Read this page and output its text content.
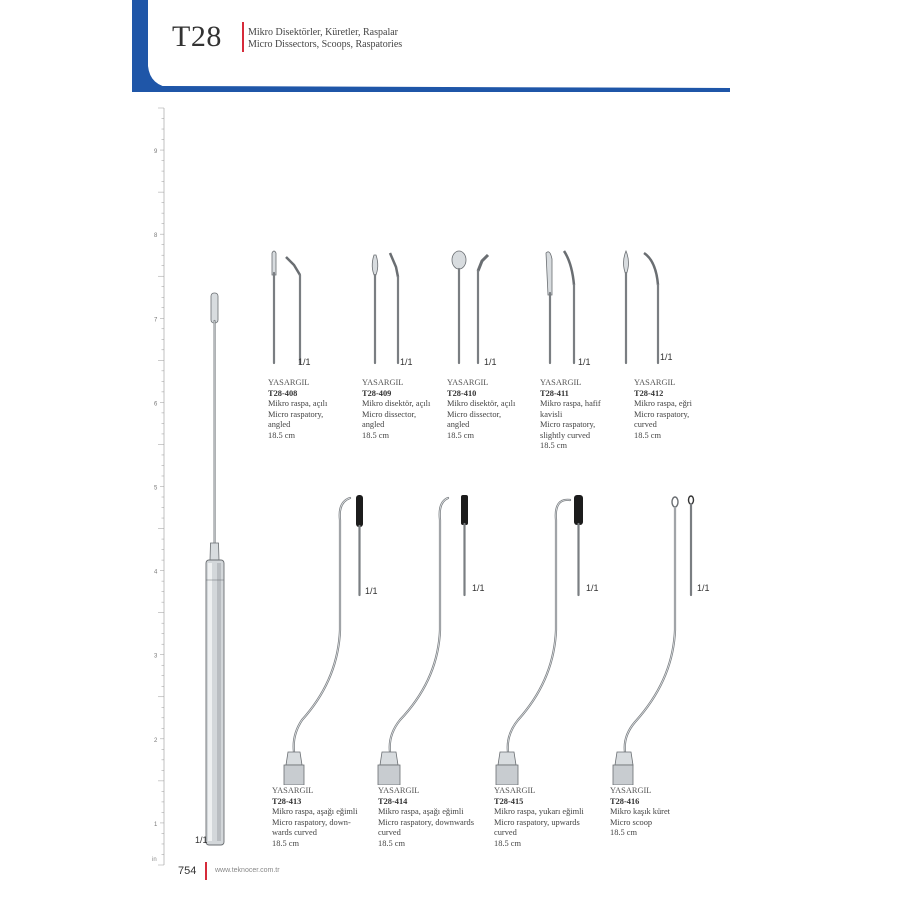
T28	Mikro Disektörler, Küretler, Raspalar
Micro Dissectors, Scoops, Raspatories
9
8
7
6
5
4
3
2
1
in
1/1
1/1	1/1	1/1	1/1	1/1
YASARGIL
T28-408
Mikro raspa, açılı
Micro raspatory,
angled
18.5 cm
YASARGIL
T28-409
Mikro disektör, açılı
Micro dissector,
angled
18.5 cm
YASARGIL
T28-410
Mikro disektör, açılı
Micro dissector,
angled
18.5 cm
YASARGIL
T28-411
Mikro raspa, hafif
kavisli
Micro raspatory,
slightly curved
18.5 cm
YASARGIL
T28-412
Mikro raspa, eğri
Micro raspatory,
curved
18.5 cm
1/1	1/1	1/1	1/1
YASARGIL
T28-413
Mikro raspa, aşağı eğimli
Micro raspatory, down-
wards curved
18.5 cm
YASARGIL
T28-414
Mikro raspa, aşağı eğimli
Micro raspatory, downwards
curved
18.5 cm
YASARGIL
T28-415
Mikro raspa, yukarı eğimli
Micro raspatory, upwards
curved
18.5 cm
YASARGIL
T28-416
Mikro kaşık küret
Micro scoop
18.5 cm
754	www.teknocer.com.tr
